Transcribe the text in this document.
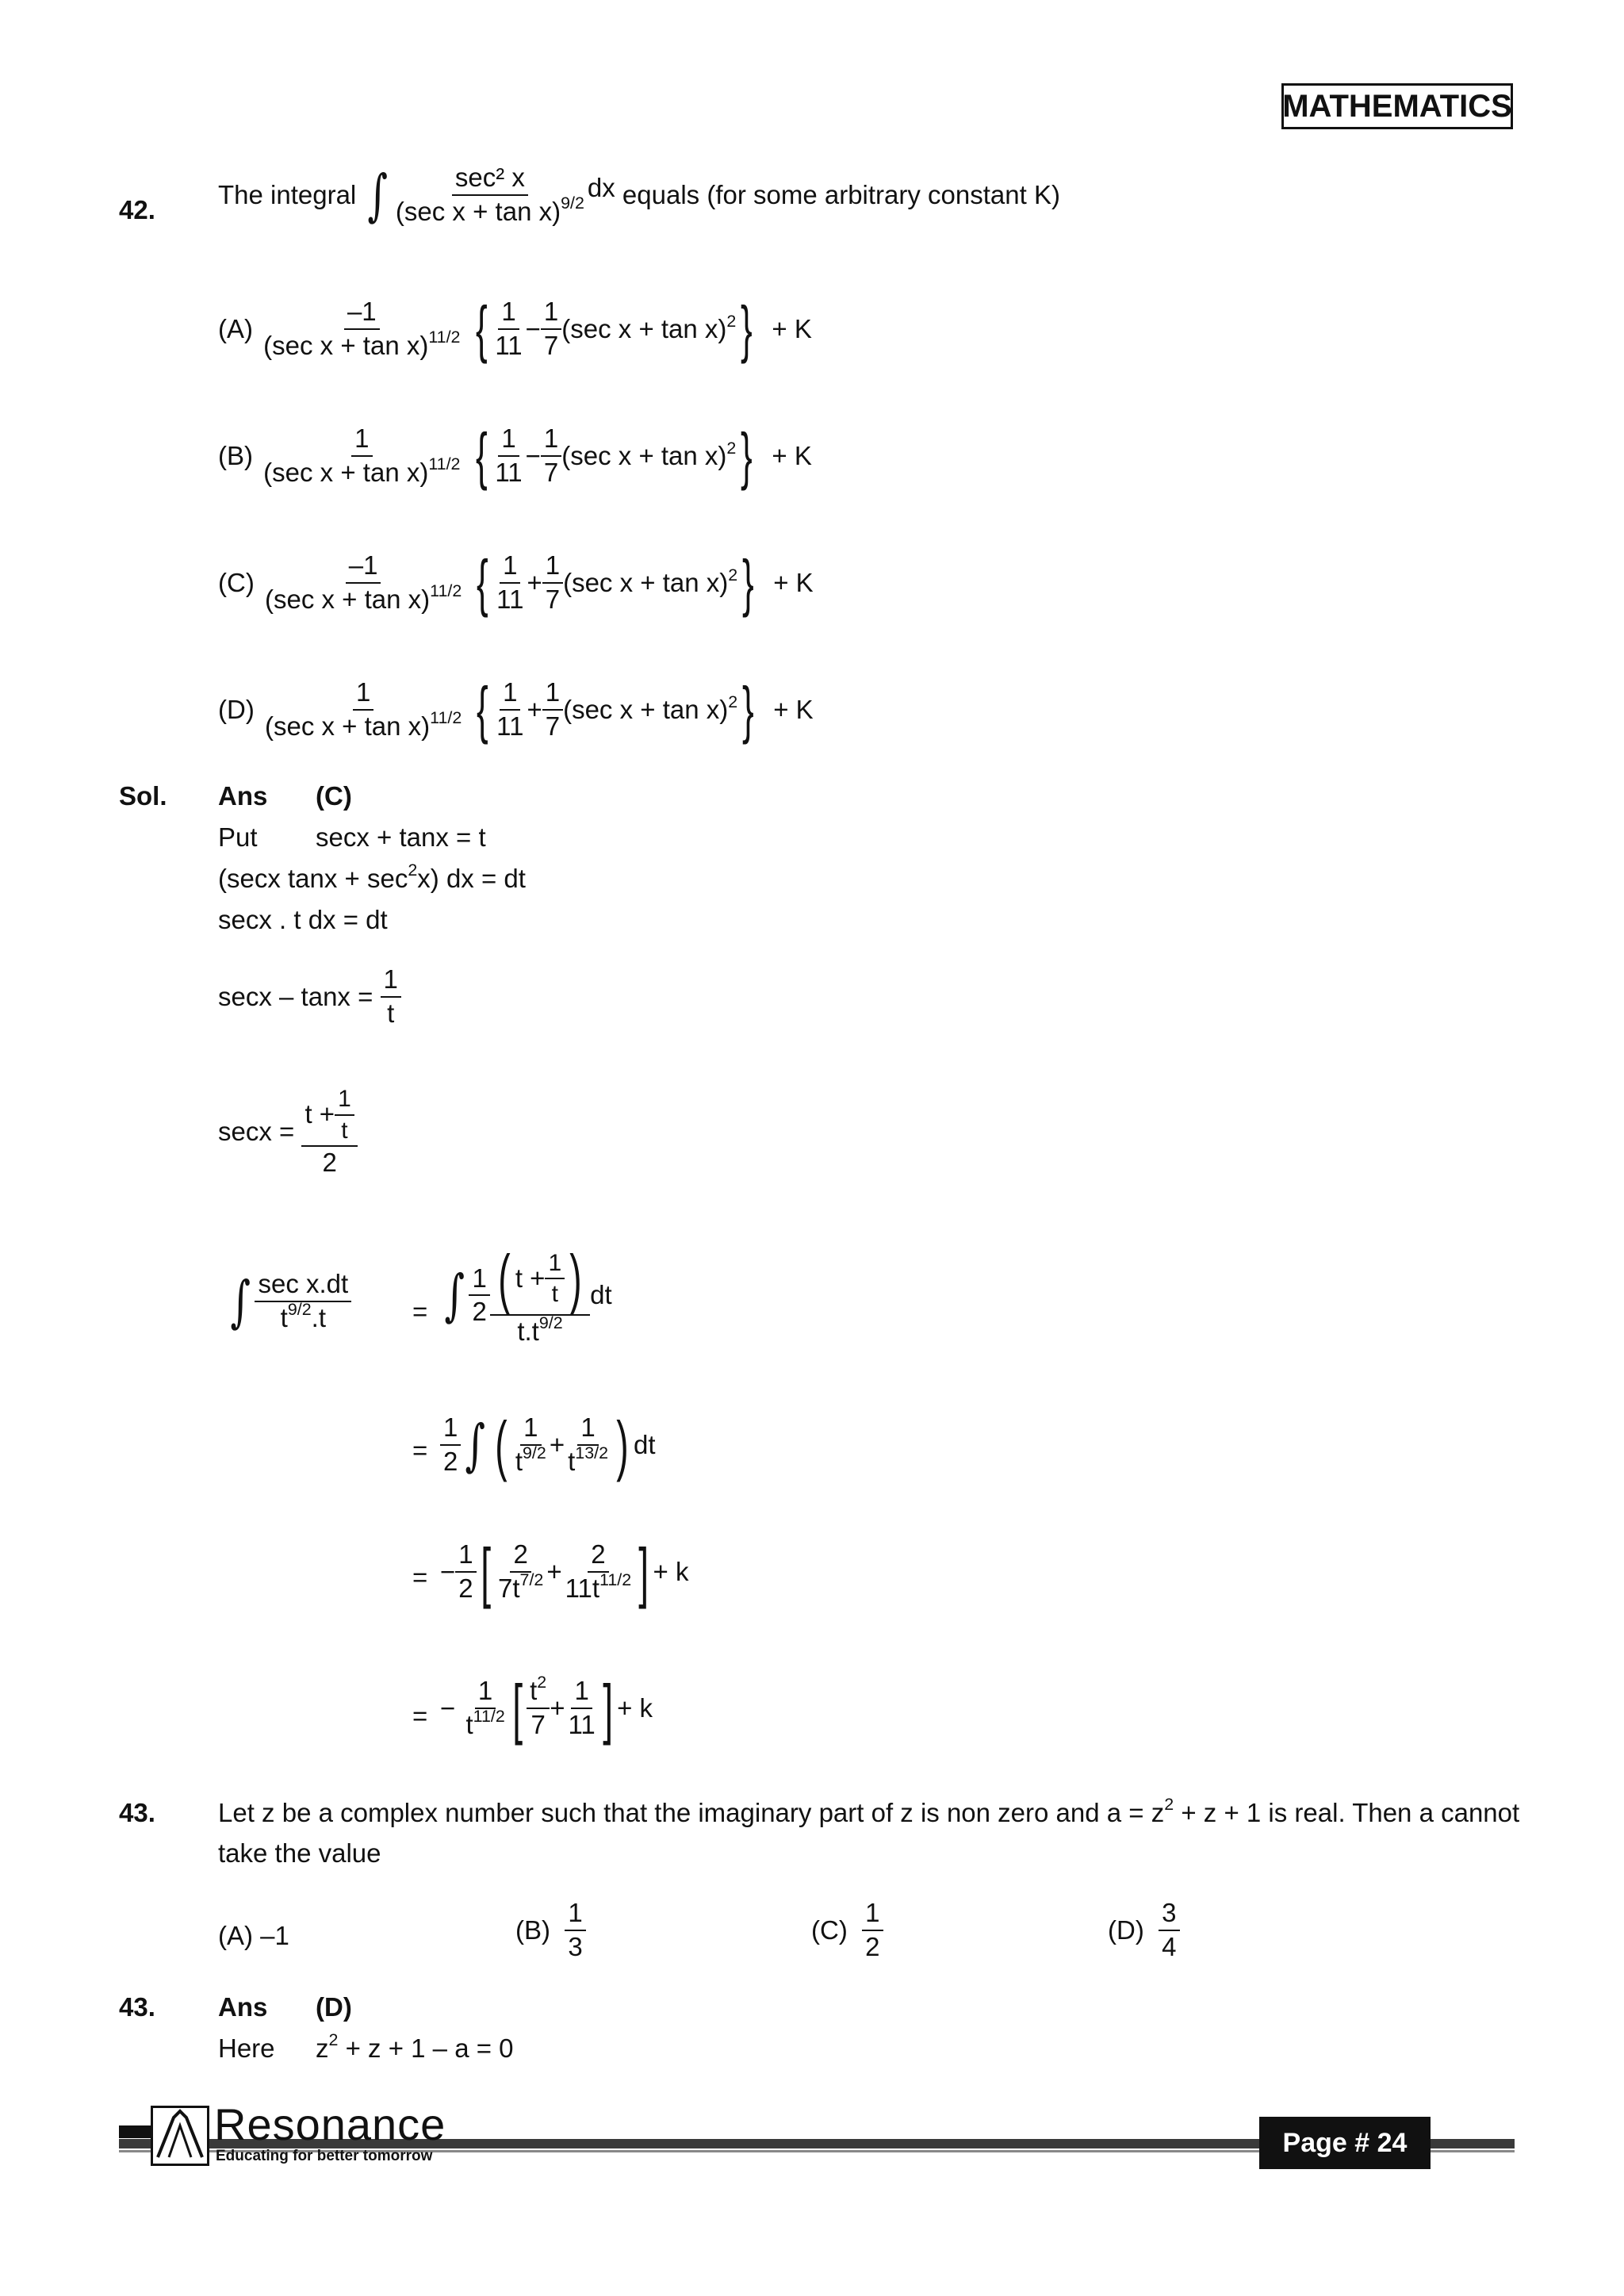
MATHEMATICS
42.
The integral
∫ $\frac{\text{sec² x}}{(\sec x + \tan x)^{9/2}}$ dx
equals (for some arbitrary constant K)
(A)
$\frac{-1}{(\sec x + \tan x)^{11/2}}$
{ $\frac{1}{11} - \frac{1}{7} (\sec$ x + tan x) 2 }
+ K
(B)
$\frac{1}{(\sec x + \tan x)^{11/2}}$
{ $\frac{1}{11} - \frac{1}{7} (\sec$ x + tan x) 2 }
+ K
(C)
$\frac{-1}{(\sec x + \tan x)^{11/2}}$
{ $\frac{1}{11} + \frac{1}{7} (\sec$ x + tan x) 2 }
+ K
(D)
$\frac{1}{(\sec x + \tan x)^{11/2}}$
{ $\frac{1}{11} + \frac{1}{7} (\sec$ x + tan x) 2 }
+ K
Sol. Ans (C)
Put secx + tanx = t
(secx $\tan x + \sec^2x$) dx = dt
secx . t dx = dt
secx – tanx =
$\frac{1}{t}$
secx =
$\frac{t + \frac{1}{t}}{2}$
∫ $\frac{\text{sec x.dt}}{t^{9/2}.t}$ = ∫ $\frac{1}{2} \frac{( t + \frac{1}{t} )}{t.t^{9/2}}$ dt
= $\frac{1}{2}$ ∫ ( $\frac{1}{t^{9/2}} + \frac{1}{t^{13/2}}$ ) dt
= − $\frac{1}{2}$ [ $\frac{2}{7t^{7/2}} + \frac{2}{11t^{11/2}}$ ] + k
= −
$\frac{1}{t^{11/2}}$ [ $\frac{t^2}{7} + \frac{1}{11}$ ] + k
43. Let z be a complex number such that the imaginary part of z is non zero and $a = z^2 + z + 1$ is real. Then a cannot
take the value
(A) –1	(B)
$\frac{1}{3}$	(C)
$\frac{1}{2}$	(D)
$\frac{3}{4}$
43. Ans (D)
Here $z^2 + z + 1 - a = 0$
Resonance
Educating for better tomorrow	Page # 24
